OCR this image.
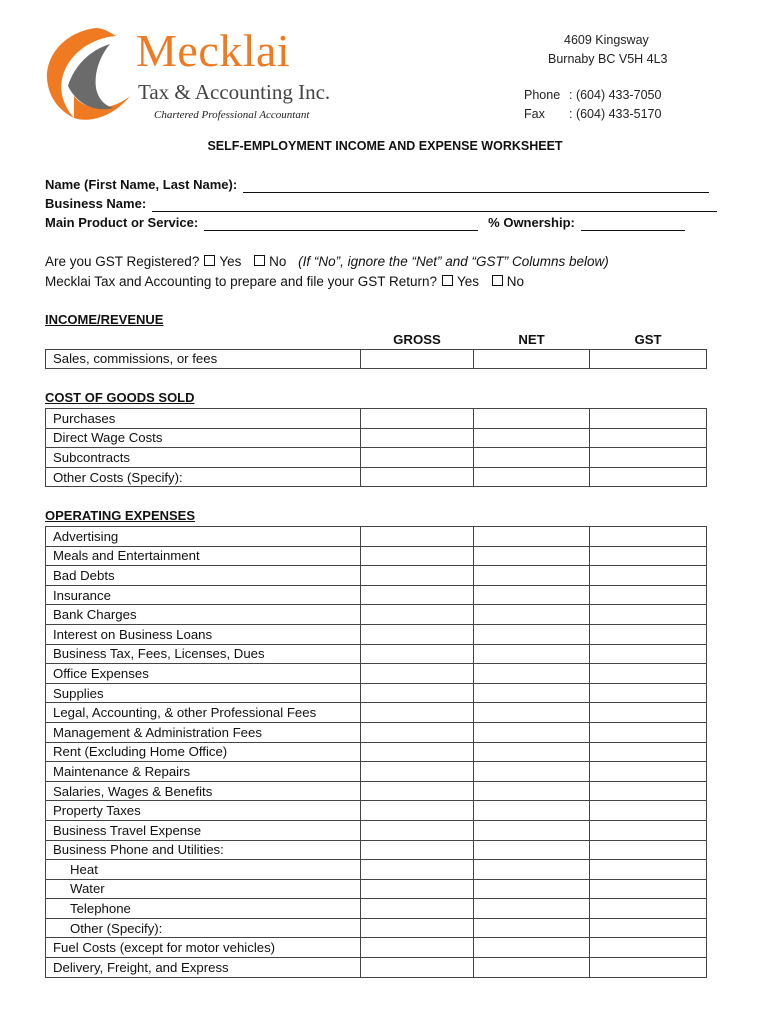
Mecklai
Tax & Accounting Inc.
Chartered Professional Accountant
4609 Kingsway
Burnaby BC V5H 4L3
Phone : (604) 433-7050
Fax : (604) 433-5170
SELF-EMPLOYMENT INCOME AND EXPENSE WORKSHEET
Name (First Name, Last Name):
Business Name:
Main Product or Service:	% Ownership:
Are you GST Registered? Yes No (If “No”, ignore the “Net” and “GST” Columns below)
Mecklai Tax and Accounting to prepare and file your GST Return? Yes No
INCOME/REVENUE
	GROSS	NET	GST
Sales, commissions, or fees			
COST OF GOODS SOLD
Purchases			
Direct Wage Costs			
Subcontracts			
Other Costs (Specify):			
OPERATING EXPENSES
Advertising			
Meals and Entertainment			
Bad Debts			
Insurance			
Bank Charges			
Interest on Business Loans			
Business Tax, Fees, Licenses, Dues			
Office Expenses			
Supplies			
Legal, Accounting, & other Professional Fees			
Management & Administration Fees			
Rent (Excluding Home Office)			
Maintenance & Repairs			
Salaries, Wages & Benefits			
Property Taxes			
Business Travel Expense			
Business Phone and Utilities:			
Heat			
Water			
Telephone			
Other (Specify):			
Fuel Costs (except for motor vehicles)			
Delivery, Freight, and Express			
